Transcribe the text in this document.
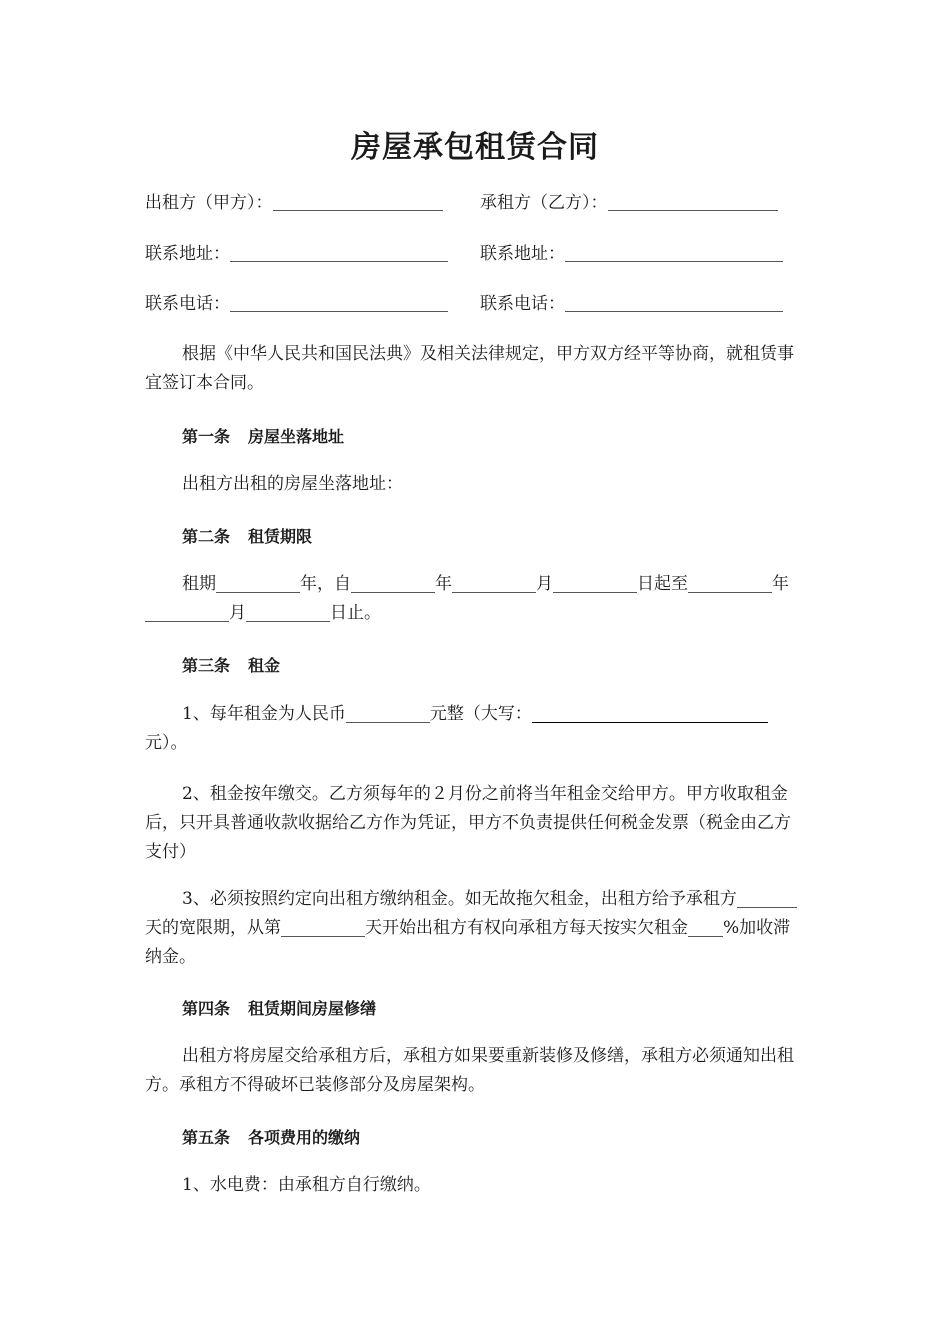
房屋承包租赁合同
出租方（甲方）：	承租方（乙方）：
联系地址：	联系地址：
联系电话：	联系电话：
根据《中华人民共和国民法典》及相关法律规定，甲方双方经平等协商，就租赁事宜签订本合同。
第一条 房屋坐落地址
出租方出租的房屋坐落地址：
第二条 租赁期限
租期	年，自	年	月	日起至	年月	日止。
第三条 租金
1、每年租金为人民币	元整（大写：元）。
2、租金按年缴交。乙方须每年的２月份之前将当年租金交给甲方。甲方收取租金后，只开具普通收款收据给乙方作为凭证，甲方不负责提供任何税金发票（税金由乙方支付）
3、必须按照约定向出租方缴纳租金。如无故拖欠租金，出租方给予承租方天的宽限期，从第	天开始出租方有权向承租方每天按实欠租金 %加收滞纳金。
第四条 租赁期间房屋修缮
出租方将房屋交给承租方后，承租方如果要重新装修及修缮，承租方必须通知出租方。承租方不得破坏已装修部分及房屋架构。
第五条 各项费用的缴纳
1、水电费：由承租方自行缴纳。
